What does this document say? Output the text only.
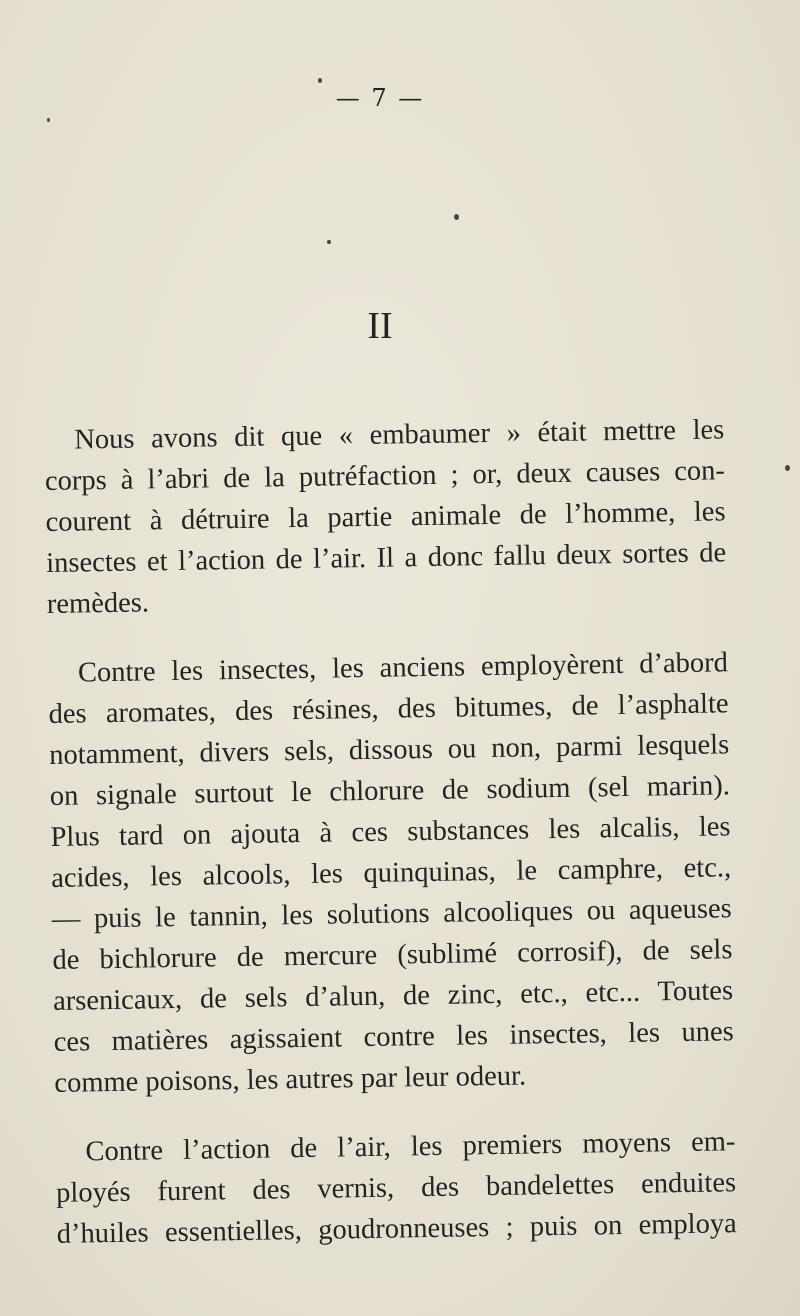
— 7 —
II

Nous avons dit que « embaumer » était mettre les
corps à l’abri de la putréfaction ; or, deux causes con-
courent à détruire la partie animale de l’homme, les
insectes et l’action de l’air. Il a donc fallu deux sortes de
remèdes.

Contre les insectes, les anciens employèrent d’abord
des aromates, des résines, des bitumes, de l’asphalte
notamment, divers sels, dissous ou non, parmi lesquels
on signale surtout le chlorure de sodium (sel marin).
Plus tard on ajouta à ces substances les alcalis, les
acides, les alcools, les quinquinas, le camphre, etc.,
— puis le tannin, les solutions alcooliques ou aqueuses
de bichlorure de mercure (sublimé corrosif), de sels
arsenicaux, de sels d’alun, de zinc, etc., etc... Toutes
ces matières agissaient contre les insectes, les unes
comme poisons, les autres par leur odeur.

Contre l’action de l’air, les premiers moyens em-
ployés furent des vernis, des bandelettes enduites
d’huiles essentielles, goudronneuses ; puis on employa
